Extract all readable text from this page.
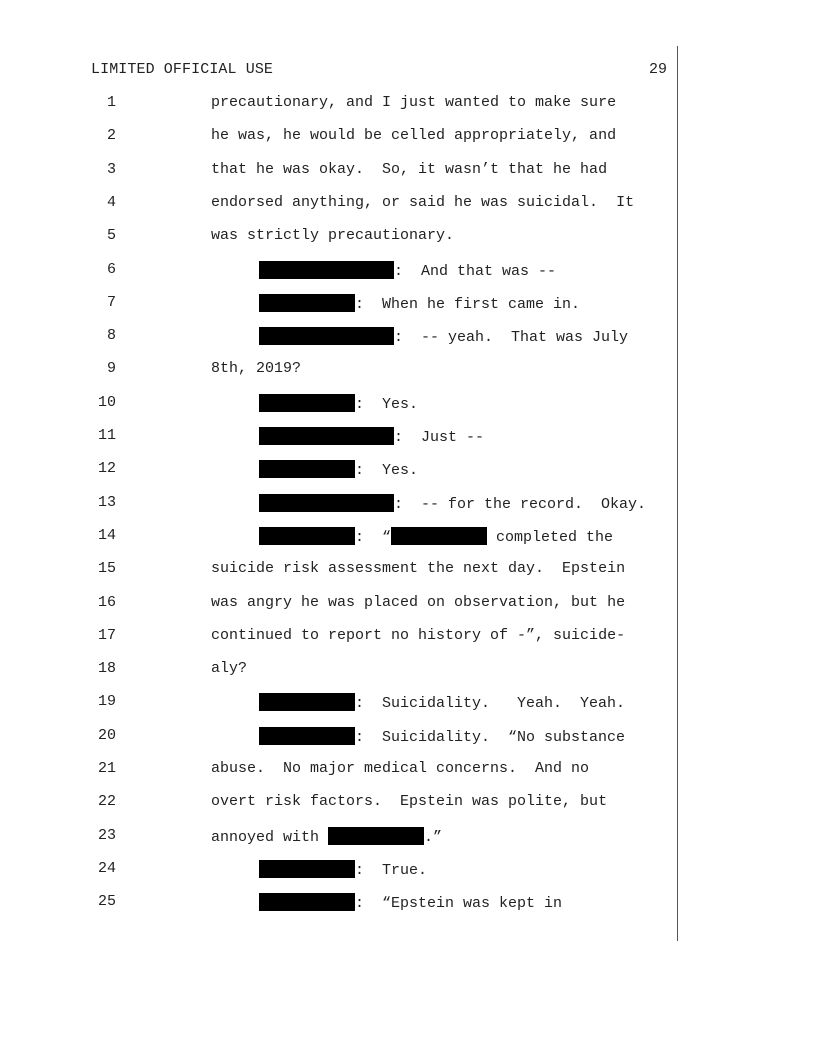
LIMITED OFFICIAL USE	29
1	precautionary, and I just wanted to make sure
2	he was, he would be celled appropriately, and
3	that he was okay.  So, it wasn’t that he had
4	endorsed anything, or said he was suicidal.  It
5	was strictly precautionary.
6	:  And that was --
7	:  When he first came in.
8	:  -- yeah.  That was July
9	8th, 2019?
10	:  Yes.
11	:  Just --
12	:  Yes.
13	:  -- for the record.  Okay.
14	:  “	completed the
15	suicide risk assessment the next day.  Epstein
16	was angry he was placed on observation, but he
17	continued to report no history of -”, suicide-
18	aly?
19	:  Suicidality.   Yeah.  Yeah.
20	:  Suicidality.  “No substance
21	abuse.  No major medical concerns.  And no
22	overt risk factors.  Epstein was polite, but
23	annoyed with	.”
24	:  True.
25	:  “Epstein was kept in
